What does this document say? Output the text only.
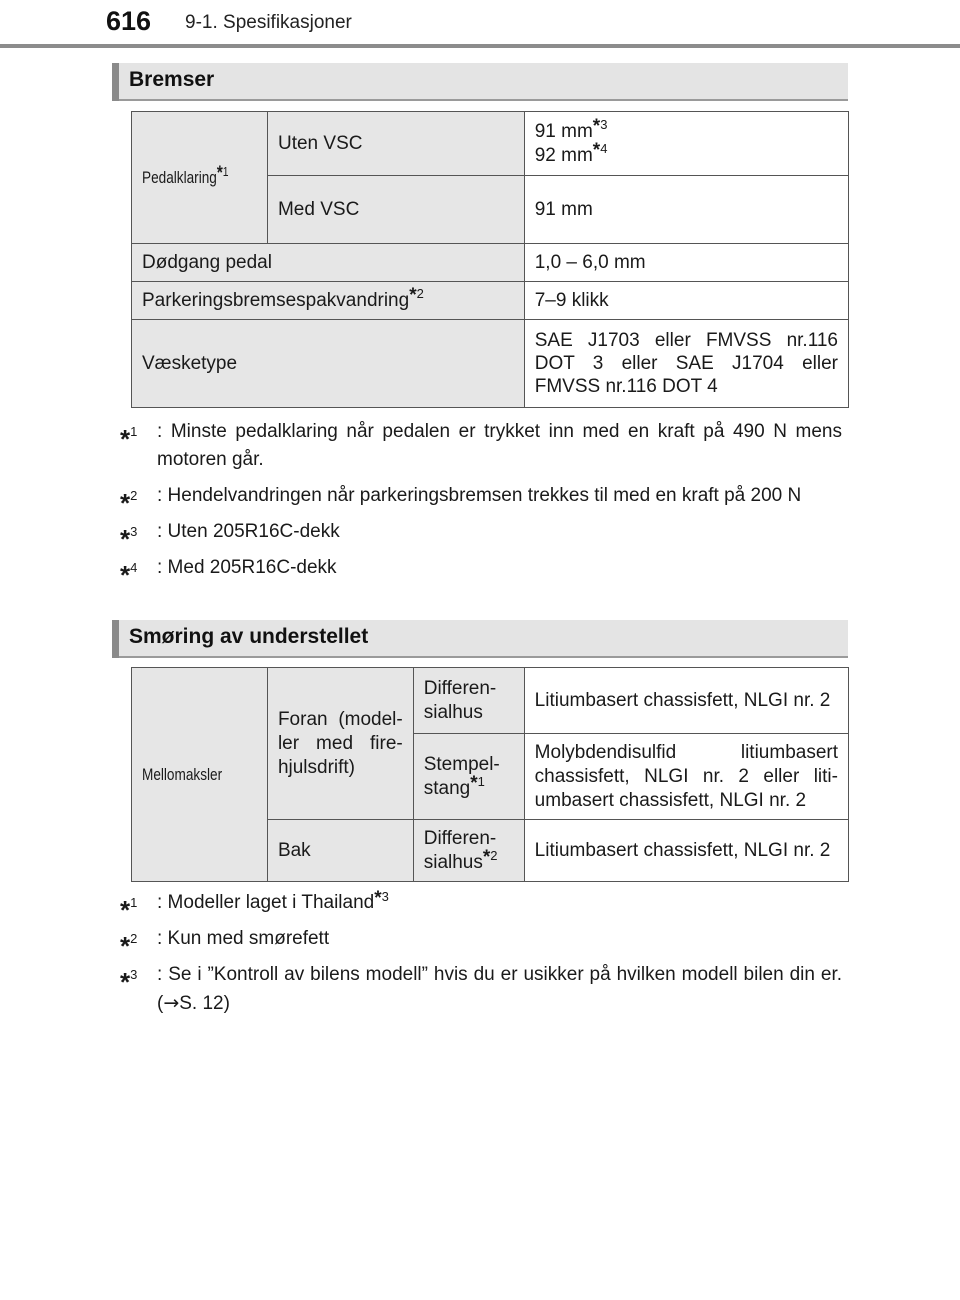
616 9-1. Spesifikasjoner
Bremser
Pedalklaring$^{*1}$	Uten VSC	91 $mm^{*3}$
92 $mm^{*4}$
	Med VSC	91 mm
Dødgang pedal		1,0 – 6,0 mm
Parkeringsbremsespakvandring$^{*2}$		7–9 klikk
Væsketype		SAE J1703 eller FMVSS nr.116 DOT 3 eller SAE J1704 eller FMVSS nr.116 DOT 4
*$^1$ : Minste pedalklaring når pedalen er trykket inn med en kraft på 490 N mens motoren går.
*$^2$ : Hendelvandringen når parkeringsbremsen trekkes til med en kraft på 200 N
*$^3$ : Uten 205R16C-dekk
*$^4$ : Med 205R16C-dekk
Smøring av understellet
Mellomaksler	Foran (model-ler med fire-hjulsdrift)	Differen-sialhus	Litiumbasert chassisfett, NLGI nr. 2
		Stempel-stang$^{*1}$	Molybdendisulfid litiumbasert chassisfett, NLGI nr. 2 eller liti-umbasert chassisfett, NLGI nr. 2
	Bak	Differen-sialhus$^{*2}$	Litiumbasert chassisfett, NLGI nr. 2
*$^1$ : Modeller laget i Thailand$^{*3}$
*$^2$ : Kun med smørefett
*$^3$ : Se i ”Kontroll av bilens modell” hvis du er usikker på hvilken modell bilen din er. (→S. 12)
